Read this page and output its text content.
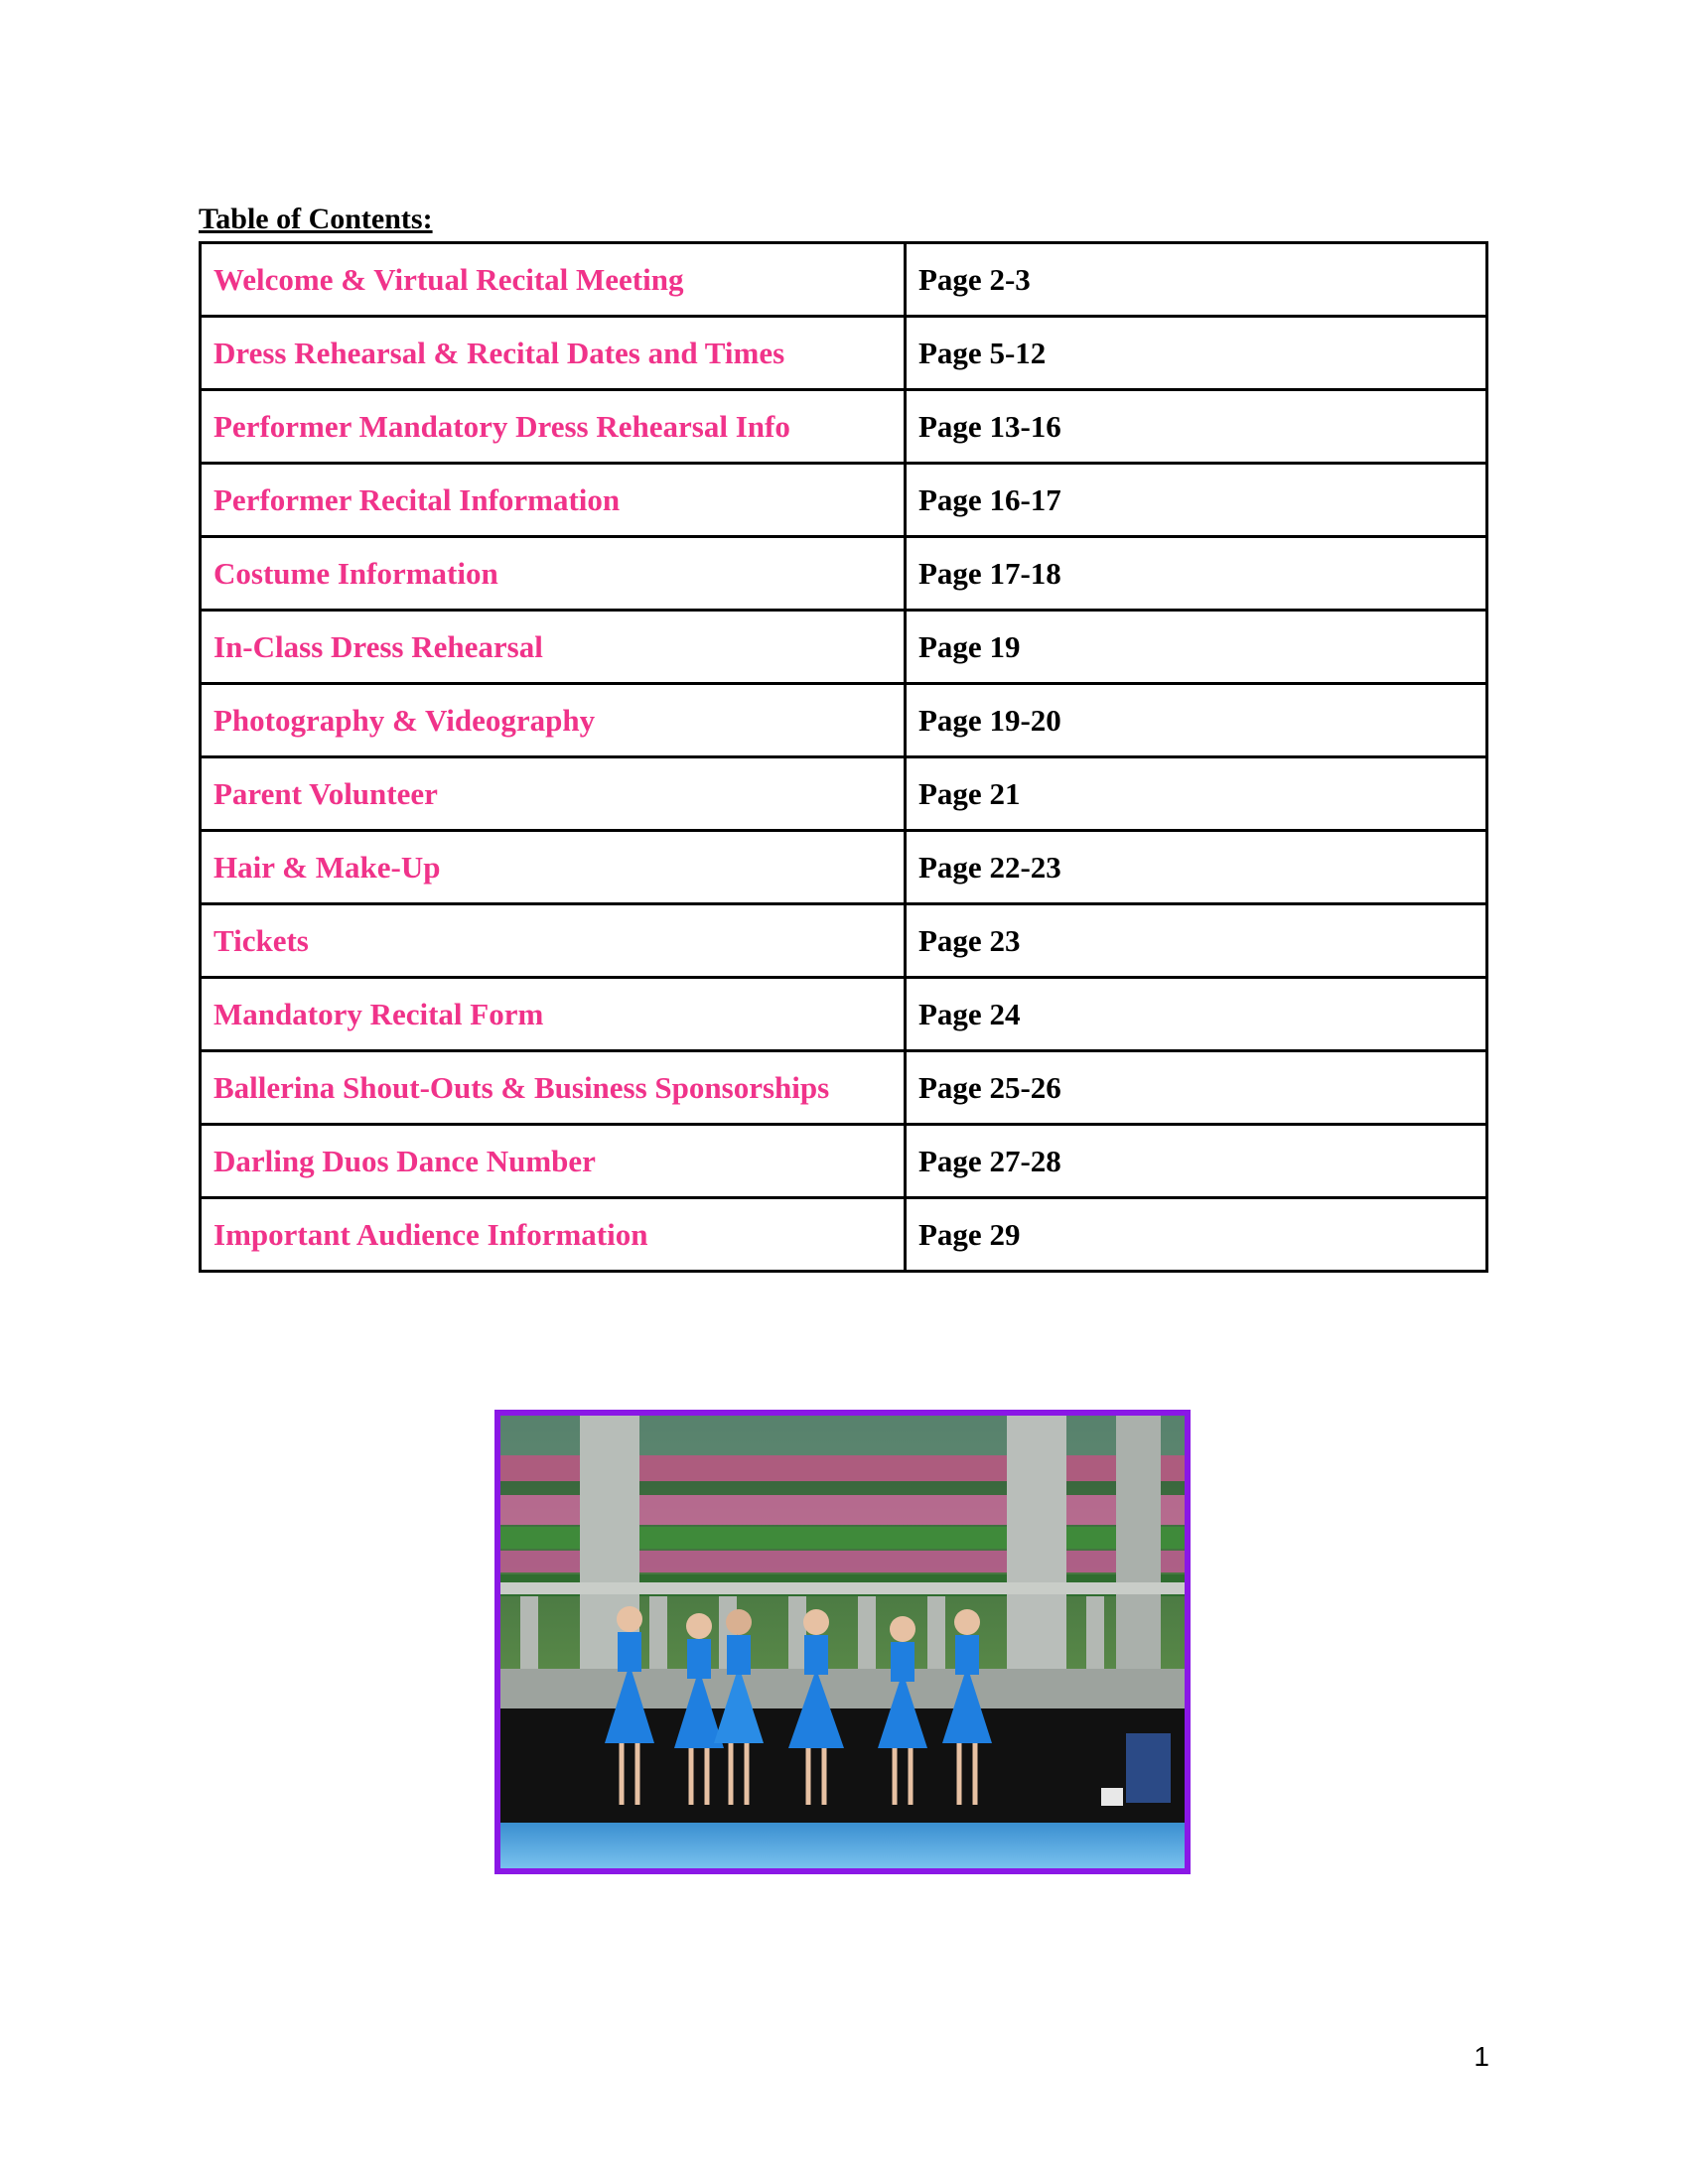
Table of Contents:
Welcome & Virtual Recital Meeting	Page 2-3
Dress Rehearsal & Recital Dates and Times	Page 5-12
Performer Mandatory Dress Rehearsal Info	Page 13-16
Performer Recital Information	Page 16-17
Costume Information	Page 17-18
In-Class Dress Rehearsal	Page 19
Photography & Videography	Page 19-20
Parent Volunteer	Page 21
Hair & Make-Up	Page 22-23
Tickets	Page 23
Mandatory Recital Form	Page 24
Ballerina Shout-Outs & Business Sponsorships	Page 25-26
Darling Duos Dance Number	Page 27-28
Important Audience Information	Page 29
1
